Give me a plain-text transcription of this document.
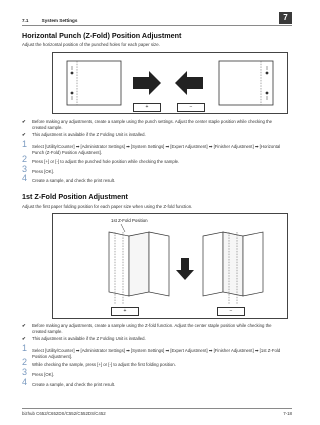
7.1	System Settings	7
Horizontal Punch (Z-Fold) Position Adjustment
Adjust the horizontal position of the punched holes for each paper size.
+	−
✔ Before making any adjustments, create a sample using the punch settings. Adjust the center staple position while checking the created sample.
✔ This adjustment is available if the Z Folding Unit is installed.
1 Select [Utility/Counter] ➡ [Administrator Settings] ➡ [System Settings] ➡ [Expert Adjustment] ➡ [Finisher Adjustment] ➡ [Horizontal Punch (Z-Fold) Position Adjustment].
2 Press [+] or [-] to adjust the punched hole position while checking the sample.
3 Press [OK].
4 Create a sample, and check the print result.
1st Z-Fold Position Adjustment
Adjust the first paper folding position for each paper size when using the Z-fold function.
1st Z-Fold Position
+	−
✔ Before making any adjustments, create a sample using the Z-fold function. Adjust the center staple position while checking the created sample.
✔ This adjustment is available if the Z Folding Unit is installed.
1 Select [Utility/Counter] ➡ [Administrator Settings] ➡ [System Settings] ➡ [Expert Adjustment] ➡ [Finisher Adjustment] ➡ [1st Z-Fold Position Adjustment].
2 While checking the sample, press [+] or [-] to adjust the first folding position.
3 Press [OK].
4 Create a sample, and check the print result.
bizhub C652/C652DS/C552/C552DS/C452	7-18
